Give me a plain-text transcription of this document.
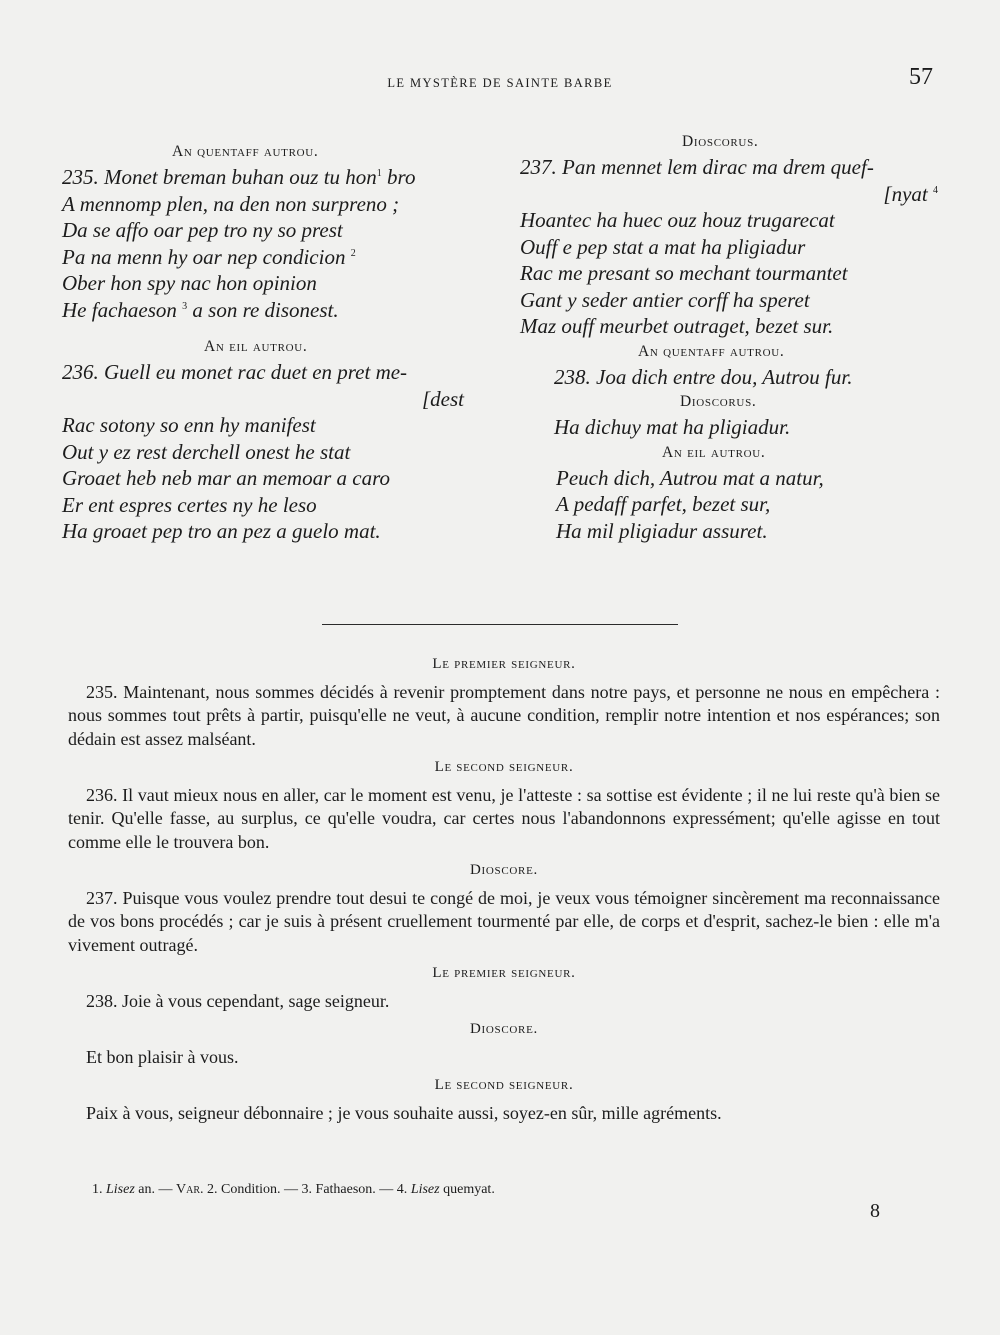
LE MYSTÈRE DE SAINTE BARBE	57
An quentaff autrou.
235. Monet breman buhan ouz tu hon$^1$ bro
A mennomp plen, na den non surpreno ;
Da se affo oar pep tro ny so prest
Pa na menn hy oar nep condicion $^2$
Ober hon spy nac hon opinion
He fachaeson $^3$ a son re disonest.
An eil autrou.
236. Guell eu monet rac duet en pret me-
[dest
Rac sotony so enn hy manifest
Out y ez rest derchell onest he stat
Groaet heb neb mar an memoar a caro
Er ent espres certes ny he leso
Ha groaet pep tro an pez a guelo mat.
Dioscorus.
237. Pan mennet lem dirac ma drem quef-
[nyat $^4$
Hoantec ha huec ouz houz trugarecat
Ouff e pep stat a mat ha pligiadur
Rac me presant so mechant tourmantet
Gant y seder antier corff ha speret
Maz ouff meurbet outraget, bezet sur.
An quentaff autrou.
238. Joa dich entre dou, Autrou fur.
Dioscorus.
Ha dichuy mat ha pligiadur.
An eil autrou.
Peuch dich, Autrou mat a natur,
A pedaff parfet, bezet sur,
Ha mil pligiadur assuret.
Le premier seigneur.

235. Maintenant, nous sommes décidés à revenir promptement dans notre pays, et personne ne nous en empêchera : nous sommes tout prêts à partir, puisqu'elle ne veut, à aucune condition, remplir notre intention et nos espérances; son dédain est assez malséant.

Le second seigneur.

236. Il vaut mieux nous en aller, car le moment est venu, je l'atteste : sa sottise est évidente ; il ne lui reste qu'à bien se tenir. Qu'elle fasse, au surplus, ce qu'elle voudra, car certes nous l'abandonnons expressément; qu'elle agisse en tout comme elle le trouvera bon.

Dioscore.

237. Puisque vous voulez prendre tout desui te congé de moi, je veux vous témoigner sincèrement ma reconnaissance de vos bons procédés ; car je suis à présent cruellement tourmenté par elle, de corps et d'esprit, sachez-le bien : elle m'a vivement outragé.

Le premier seigneur.

238. Joie à vous cependant, sage seigneur.

Dioscore.

Et bon plaisir à vous.

Le second seigneur.

Paix à vous, seigneur débonnaire ; je vous souhaite aussi, soyez-en sûr, mille agréments.

1. Lisez an. — Var. 2. Condition. — 3. Fathaeson. — 4. Lisez quemyat.
8
